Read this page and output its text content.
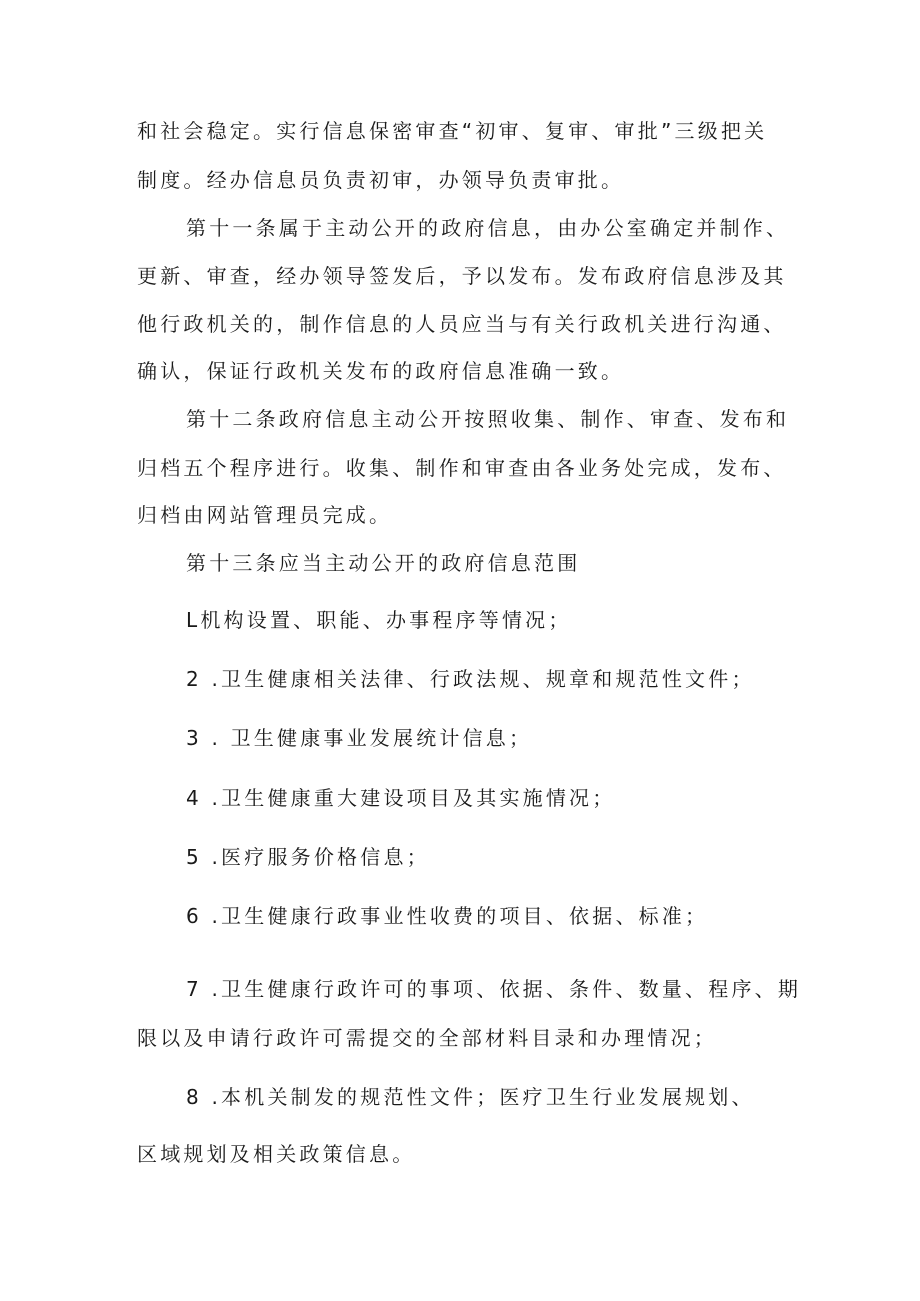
和社会稳定。实行信息保密审查“初审、复审、审批”三级把关

制度。经办信息员负责初审，办领导负责审批。

第十一条属于主动公开的政府信息，由办公室确定并制作、

更新、审查，经办领导签发后，予以发布。发布政府信息涉及其

他行政机关的，制作信息的人员应当与有关行政机关进行沟通、

确认，保证行政机关发布的政府信息准确一致。

第十二条政府信息主动公开按照收集、制作、审查、发布和

归档五个程序进行。收集、制作和审查由各业务处完成，发布、

归档由网站管理员完成。

第十三条应当主动公开的政府信息范围

L机构设置、职能、办事程序等情况；

2 .卫生健康相关法律、行政法规、规章和规范性文件；

3 . 卫生健康事业发展统计信息；

4 .卫生健康重大建设项目及其实施情况；

5 .医疗服务价格信息；

6 .卫生健康行政事业性收费的项目、依据、标准；

7 .卫生健康行政许可的事项、依据、条件、数量、程序、期

限以及申请行政许可需提交的全部材料目录和办理情况；

8 .本机关制发的规范性文件；医疗卫生行业发展规划、

区域规划及相关政策信息。
